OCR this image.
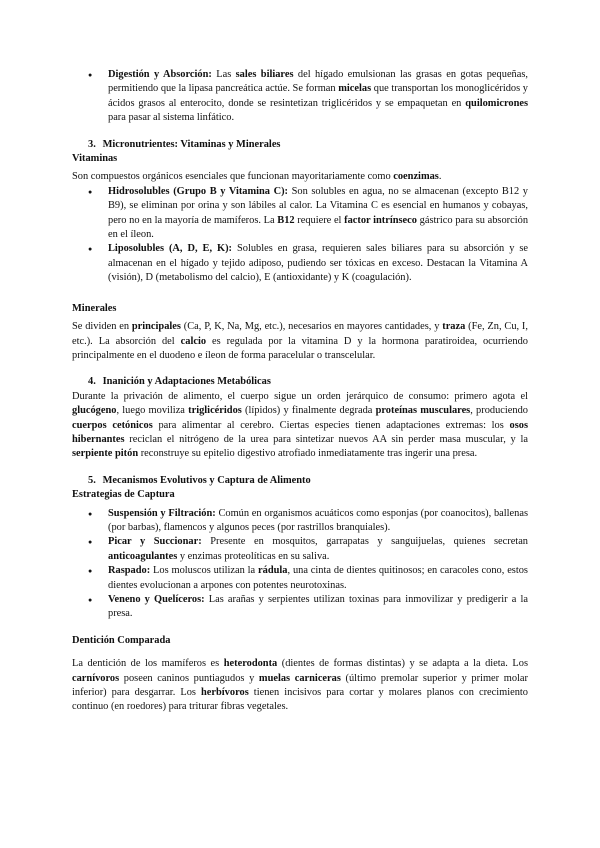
● Digestión y Absorción: Las sales biliares del hígado emulsionan las grasas en gotas pequeñas, permitiendo que la lipasa pancreática actúe. Se forman micelas que transportan los monoglicéridos y ácidos grasos al enterocito, donde se resintetizan triglicéridos y se empaquetan en quilomicrones para pasar al sistema linfático.
3. Micronutrientes: Vitaminas y Minerales
Vitaminas

Son compuestos orgánicos esenciales que funcionan mayoritariamente como coenzimas.

● Hidrosolubles (Grupo B y Vitamina C): Son solubles en agua, no se almacenan (excepto B12 y B9), se eliminan por orina y son lábiles al calor. La Vitamina C es esencial en humanos y cobayas, pero no en la mayoría de mamíferos. La B12 requiere el factor intrínseco gástrico para su absorción en el íleon.
● Liposolubles (A, D, E, K): Solubles en grasa, requieren sales biliares para su absorción y se almacenan en el hígado y tejido adiposo, pudiendo ser tóxicas en exceso. Destacan la Vitamina A (visión), D (metabolismo del calcio), E (antioxidante) y K (coagulación).
Minerales

Se dividen en principales (Ca, P, K, Na, Mg, etc.), necesarios en mayores cantidades, y traza (Fe, Zn, Cu, I, etc.). La absorción del calcio es regulada por la vitamina D y la hormona paratiroidea, ocurriendo principalmente en el duodeno e íleon de forma paracelular o transcelular.

4. Inanición y Adaptaciones Metabólicas

Durante la privación de alimento, el cuerpo sigue un orden jerárquico de consumo: primero agota el glucógeno, luego moviliza triglicéridos (lípidos) y finalmente degrada proteínas musculares, produciendo cuerpos cetónicos para alimentar al cerebro. Ciertas especies tienen adaptaciones extremas: los osos hibernantes reciclan el nitrógeno de la urea para sintetizar nuevos AA sin perder masa muscular, y la serpiente pitón reconstruye su epitelio digestivo atrofiado inmediatamente tras ingerir una presa.

5. Mecanismos Evolutivos y Captura de Alimento
Estrategias de Captura
● Suspensión y Filtración: Común en organismos acuáticos como esponjas (por coanocitos), ballenas (por barbas), flamencos y algunos peces (por rastrillos branquiales).
● Picar y Succionar: Presente en mosquitos, garrapatas y sanguijuelas, quienes secretan anticoagulantes y enzimas proteolíticas en su saliva.
● Raspado: Los moluscos utilizan la rádula, una cinta de dientes quitinosos; en caracoles cono, estos dientes evolucionan a arpones con potentes neurotoxinas.
● Veneno y Quelíceros: Las arañas y serpientes utilizan toxinas para inmovilizar y predigerir a la presa.
Dentición Comparada

La dentición de los mamíferos es heterodonta (dientes de formas distintas) y se adapta a la dieta. Los carnívoros poseen caninos puntiagudos y muelas carniceras (último premolar superior y primer molar inferior) para desgarrar. Los herbívoros tienen incisivos para cortar y molares planos con crecimiento continuo (en roedores) para triturar fibras vegetales.
